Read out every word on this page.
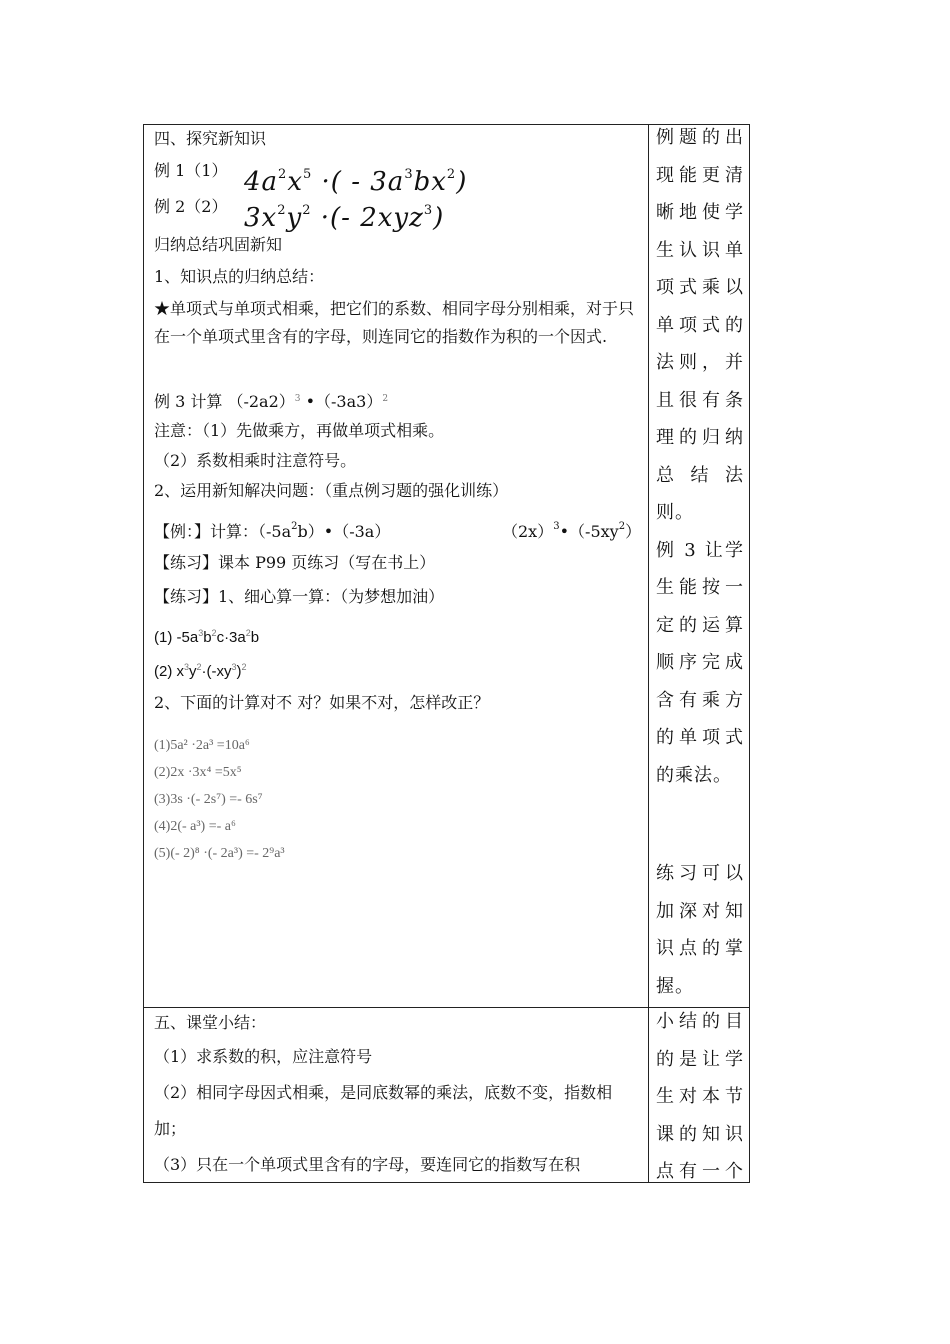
四、探究新知识
例 1（1） $4a^2x^5$ ·( - $3a^3bx^2$)
例 2（2） $3x^2y^2$ ·(- 2xyz$^3$)
归纳总结巩固新知
1、知识点的归纳总结：
★单项式与单项式相乘，把它们的系数、相同字母分别相乘，对于只在一个单项式里含有的字母，则连同它的指数作为积的一个因式.
例 3 计算 $(-2a2)^3$ $•(-3a3)^2$
注意：（1）先做乘方，再做单项式相乘。
（2）系数相乘时注意符号。
2、运用新知解决问题：（重点例习题的强化训练）
【例：】计算：$(-5a^2b)•(-3a)$	$(2x)^3•(-5xy^2)$
【练习】课本 P99 页练习（写在书上）
【练习】1、细心算一算：（为梦想加油）
(1) $-5a^3b^2c\cdot 3a^2b$
(2) $x^3y^2\cdot(-xy^3)^2$
2、下面的计算对不 对？如果不对，怎样改正？
(1)5a² ·2a³ =10a⁶
(2)2x ·3x⁴ =5x⁵
(3)3s ·(- 2s⁷) =- 6s⁷
(4)2(- a³) =- a⁶
(5)(- 2)⁸ ·(- 2a³) =- 2⁹a³
例题的出
现能更清
晰地使学
生认识单
项式乘以
单项式的
法则，并
且很有条
理的归纳
总 结 法
则。
例 3 让学
生能按一
定的运算
顺序完成
含有乘方
的单项式
的乘法。
练习可以
加深对知
识点的掌
握。
五、课堂小结：
（1）求系数的积，应注意符号
（2）相同字母因式相乘，是同底数幂的乘法，底数不变，指数相加；
（3）只在一个单项式里含有的字母，要连同它的指数写在积
小结的目
的是让学
生对本节
课的知识
点有一个
